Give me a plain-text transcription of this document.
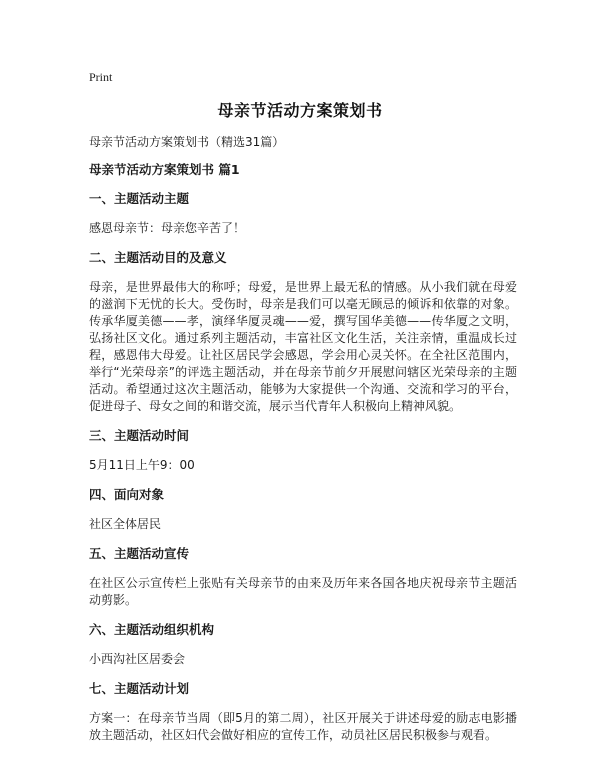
Print
母亲节活动方案策划书

母亲节活动方案策划书（精选31篇）

母亲节活动方案策划书 篇1

一、主题活动主题

感恩母亲节：母亲您辛苦了！

二、主题活动目的及意义

母亲，是世界最伟大的称呼；母爱，是世界上最无私的情感。从小我们就在母爱的滋润下无忧的长大。受伤时，母亲是我们可以毫无顾忌的倾诉和依靠的对象。传承华厦美德——孝，演绎华厦灵魂——爱，撰写国华美德——传华厦之文明，弘扬社区文化。通过系列主题活动，丰富社区文化生活，关注亲情，重温成长过程，感恩伟大母爱。让社区居民学会感恩，学会用心灵关怀。在全社区范围内，举行“光荣母亲”的评选主题活动，并在母亲节前夕开展慰问辖区光荣母亲的主题活动。希望通过这次主题活动，能够为大家提供一个沟通、交流和学习的平台，促进母子、母女之间的和谐交流，展示当代青年人积极向上精神风貌。

三、主题活动时间

5月11日上午9：00

四、面向对象

社区全体居民

五、主题活动宣传

在社区公示宣传栏上张贴有关母亲节的由来及历年来各国各地庆祝母亲节主题活动剪影。

六、主题活动组织机构

小西沟社区居委会

七、主题活动计划

方案一：在母亲节当周（即5月的第二周），社区开展关于讲述母爱的励志电影播放主题活动，社区妇代会做好相应的宣传工作，动员社区居民积极参与观看。
